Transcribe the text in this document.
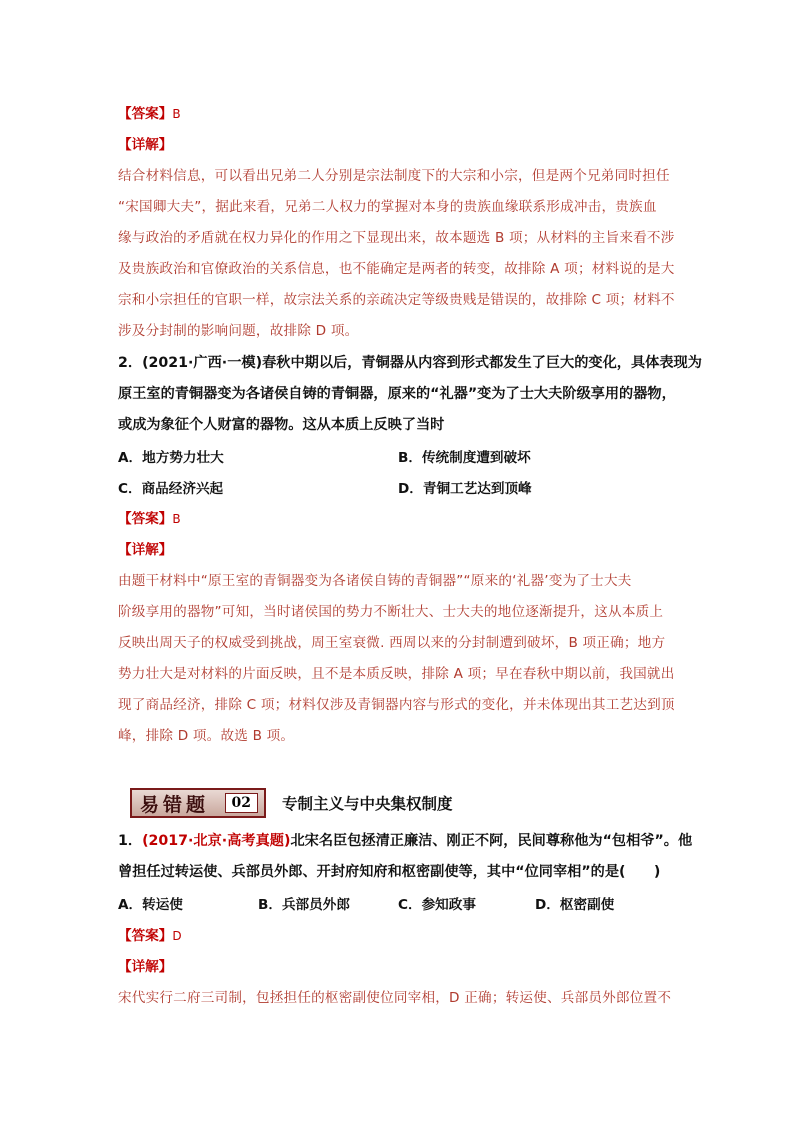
【答案】B
【详解】
结合材料信息，可以看出兄弟二人分别是宗法制度下的大宗和小宗，但是两个兄弟同时担任
“宋国卿大夫”，据此来看，兄弟二人权力的掌握对本身的贵族血缘联系形成冲击，贵族血
缘与政治的矛盾就在权力异化的作用之下显现出来，故本题选 B 项；从材料的主旨来看不涉
及贵族政治和官僚政治的关系信息，也不能确定是两者的转变，故排除 A 项；材料说的是大
宗和小宗担任的官职一样，故宗法关系的亲疏决定等级贵贱是错误的，故排除 C 项；材料不
涉及分封制的影响问题，故排除 D 项。
2．(2021·广西·一模)春秋中期以后，青铜器从内容到形式都发生了巨大的变化，具体表现为
原王室的青铜器变为各诸侯自铸的青铜器，原来的“礼器”变为了士大夫阶级享用的器物，
或成为象征个人财富的器物。这从本质上反映了当时
A．地方势力壮大	B．传统制度遭到破坏
C．商品经济兴起	D．青铜工艺达到顶峰
【答案】B
【详解】
由题干材料中“原王室的青铜器变为各诸侯自铸的青铜器”“原来的‘礼器’变为了士大夫
阶级享用的器物”可知，当时诸侯国的势力不断壮大、士大夫的地位逐渐提升，这从本质上
反映出周天子的权威受到挑战，周王室衰微. 西周以来的分封制遭到破坏，B 项正确；地方
势力壮大是对材料的片面反映，且不是本质反映，排除 A 项；早在春秋中期以前，我国就出
现了商品经济，排除 C 项；材料仅涉及青铜器内容与形式的变化，并未体现出其工艺达到顶
峰，排除 D 项。故选 B 项。
易错题	02	专制主义与中央集权制度
1．(2017·北京·高考真题)北宋名臣包拯清正廉洁、刚正不阿，民间尊称他为“包相爷”。他
曾担任过转运使、兵部员外郎、开封府知府和枢密副使等，其中“位同宰相”的是(　　)
A．转运使	B．兵部员外郎	C．参知政事	D．枢密副使
【答案】D
【详解】
宋代实行二府三司制，包拯担任的枢密副使位同宰相，D 正确；转运使、兵部员外郎位置不
